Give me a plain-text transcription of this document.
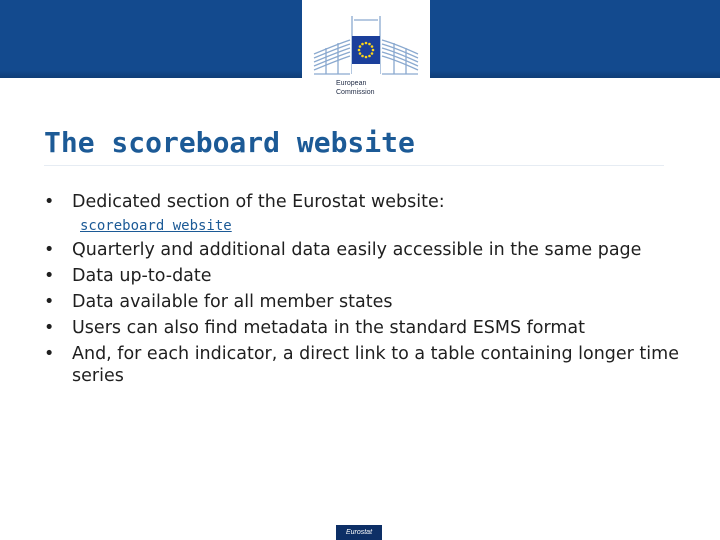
European
Commission
The scoreboard website
• Dedicated section of the Eurostat website:
scoreboard website
• Quarterly and additional data easily accessible in the same page
• Data up-to-date
• Data available for all member states
• Users can also find metadata in the standard ESMS format
• And, for each indicator, a direct link to a table containing longer time series
Eurostat
